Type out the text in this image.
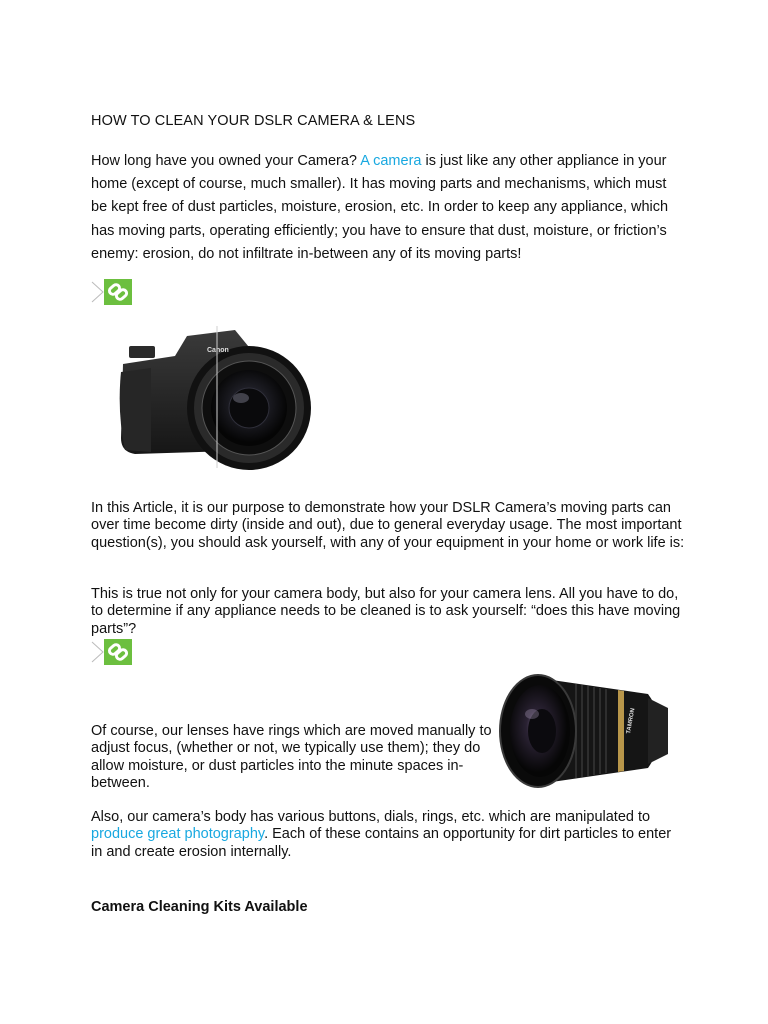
HOW TO CLEAN YOUR DSLR CAMERA & LENS
How long have you owned your Camera? A camera is just like any other appliance in your home (except of course, much smaller). It has moving parts and mechanisms, which must be kept free of dust particles, moisture, erosion, etc. In order to keep any appliance, which has moving parts, operating efficiently; you have to ensure that dust, moisture, or friction’s enemy: erosion, do not infiltrate in-between any of its moving parts!
Canon
In this Article, it is our purpose to demonstrate how your DSLR Camera’s moving parts can over time become dirty (inside and out), due to general everyday usage. The most important question(s), you should ask yourself, with any of your equipment in your home or work life is:
This is true not only for your camera body, but also for your camera lens. All you have to do, to determine if any appliance needs to be cleaned is to ask yourself: “does this have moving parts”?
TAMRON
Of course, our lenses have rings which are moved manually to adjust focus, (whether or not, we typically use them); they do allow moisture, or dust particles into the minute spaces in-between.
Also, our camera’s body has various buttons, dials, rings, etc. which are manipulated to produce great photography. Each of these contains an opportunity for dirt particles to enter in and create erosion internally.
Camera Cleaning Kits Available
